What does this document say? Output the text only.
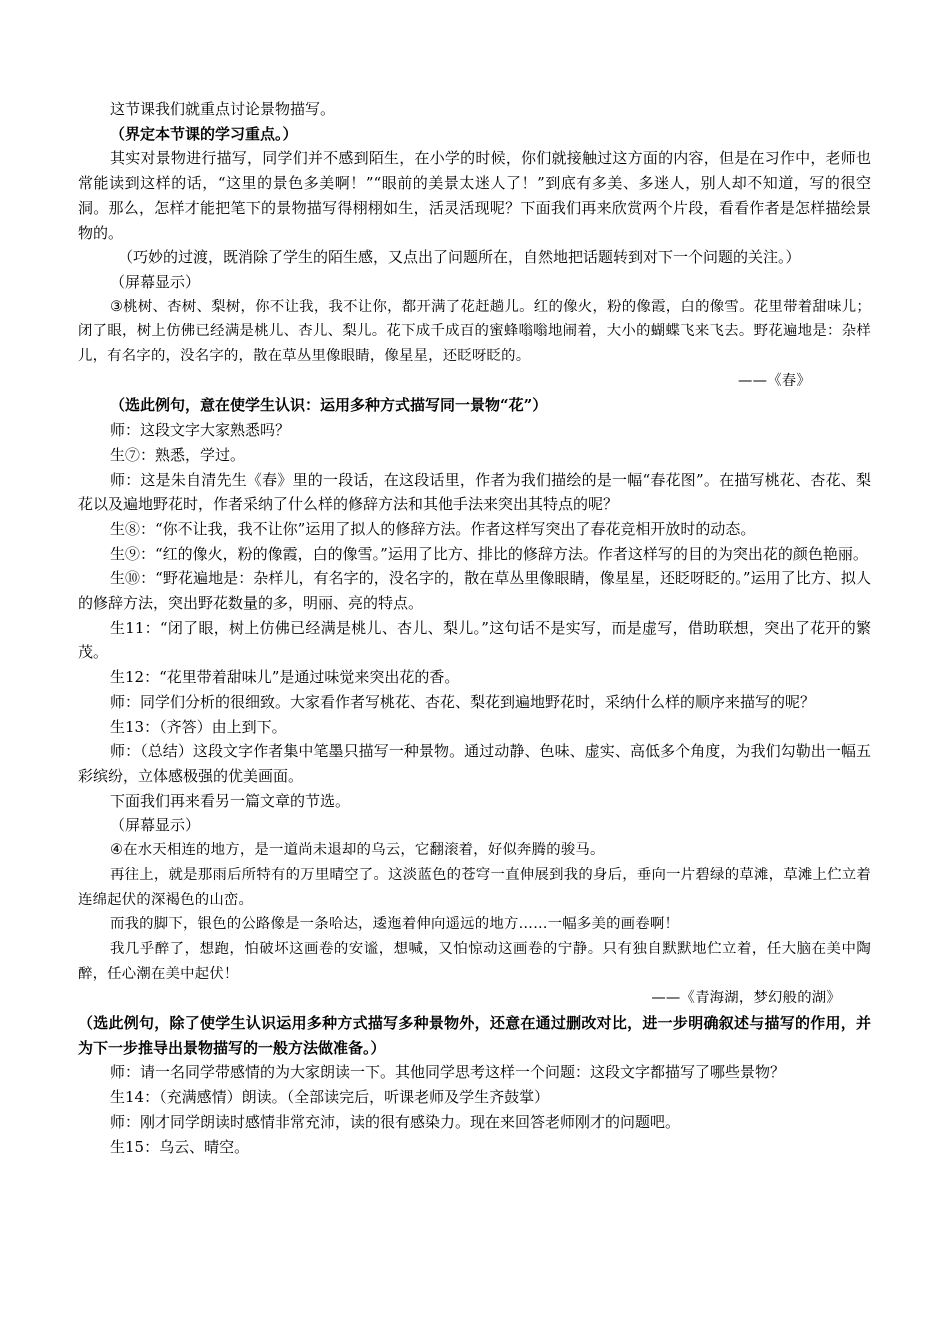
这节课我们就重点讨论景物描写。

（界定本节课的学习重点。）

其实对景物进行描写，同学们并不感到陌生，在小学的时候，你们就接触过这方面的内容，但是在习作中，老师也常能读到这样的话，“这里的景色多美啊！”“眼前的美景太迷人了！”到底有多美、多迷人，别人却不知道，写的很空洞。那么，怎样才能把笔下的景物描写得栩栩如生，活灵活现呢？下面我们再来欣赏两个片段，看看作者是怎样描绘景物的。

（巧妙的过渡，既消除了学生的陌生感，又点出了问题所在，自然地把话题转到对下一个问题的关注。）

（屏幕显示）

③桃树、杏树、梨树，你不让我，我不让你，都开满了花赶趟儿。红的像火，粉的像霞，白的像雪。花里带着甜味儿；闭了眼，树上仿佛已经满是桃儿、杏儿、梨儿。花下成千成百的蜜蜂嗡嗡地闹着，大小的蝴蝶飞来飞去。野花遍地是：杂样儿，有名字的，没名字的，散在草丛里像眼睛，像星星，还眨呀眨的。

——《春》

（选此例句，意在使学生认识：运用多种方式描写同一景物“花”）

师：这段文字大家熟悉吗？

生⑦：熟悉，学过。

师：这是朱自清先生《春》里的一段话，在这段话里，作者为我们描绘的是一幅“春花图”。在描写桃花、杏花、梨花以及遍地野花时，作者采纳了什么样的修辞方法和其他手法来突出其特点的呢？

生⑧：“你不让我，我不让你”运用了拟人的修辞方法。作者这样写突出了春花竞相开放时的动态。

生⑨：“红的像火，粉的像霞，白的像雪。”运用了比方、排比的修辞方法。作者这样写的目的为突出花的颜色艳丽。

生⑩：“野花遍地是：杂样儿，有名字的，没名字的，散在草丛里像眼睛，像星星，还眨呀眨的。”运用了比方、拟人的修辞方法，突出野花数量的多，明丽、亮的特点。

生11：“闭了眼，树上仿佛已经满是桃儿、杏儿、梨儿。”这句话不是实写，而是虚写，借助联想，突出了花开的繁茂。

生12：“花里带着甜味儿”是通过味觉来突出花的香。

师：同学们分析的很细致。大家看作者写桃花、杏花、梨花到遍地野花时，采纳什么样的顺序来描写的呢？

生13：（齐答）由上到下。

师：（总结）这段文字作者集中笔墨只描写一种景物。通过动静、色味、虚实、高低多个角度，为我们勾勒出一幅五彩缤纷，立体感极强的优美画面。

下面我们再来看另一篇文章的节选。

（屏幕显示）

④在水天相连的地方，是一道尚未退却的乌云，它翻滚着，好似奔腾的骏马。

再往上，就是那雨后所特有的万里晴空了。这淡蓝色的苍穹一直伸展到我的身后，垂向一片碧绿的草滩，草滩上伫立着连绵起伏的深褐色的山峦。

而我的脚下，银色的公路像是一条哈达，逶迤着伸向遥远的地方……一幅多美的画卷啊！

我几乎醉了，想跑，怕破坏这画卷的安谧，想喊，又怕惊动这画卷的宁静。只有独自默默地伫立着，任大脑在美中陶醉，任心潮在美中起伏！

——《青海湖，梦幻般的湖》

（选此例句，除了使学生认识运用多种方式描写多种景物外，还意在通过删改对比，进一步明确叙述与描写的作用，并为下一步推导出景物描写的一般方法做准备。）

师：请一名同学带感情的为大家朗读一下。其他同学思考这样一个问题：这段文字都描写了哪些景物？

生14：（充满感情）朗读。（全部读完后，听课老师及学生齐鼓掌）

师：刚才同学朗读时感情非常充沛，读的很有感染力。现在来回答老师刚才的问题吧。

生15：乌云、晴空。
